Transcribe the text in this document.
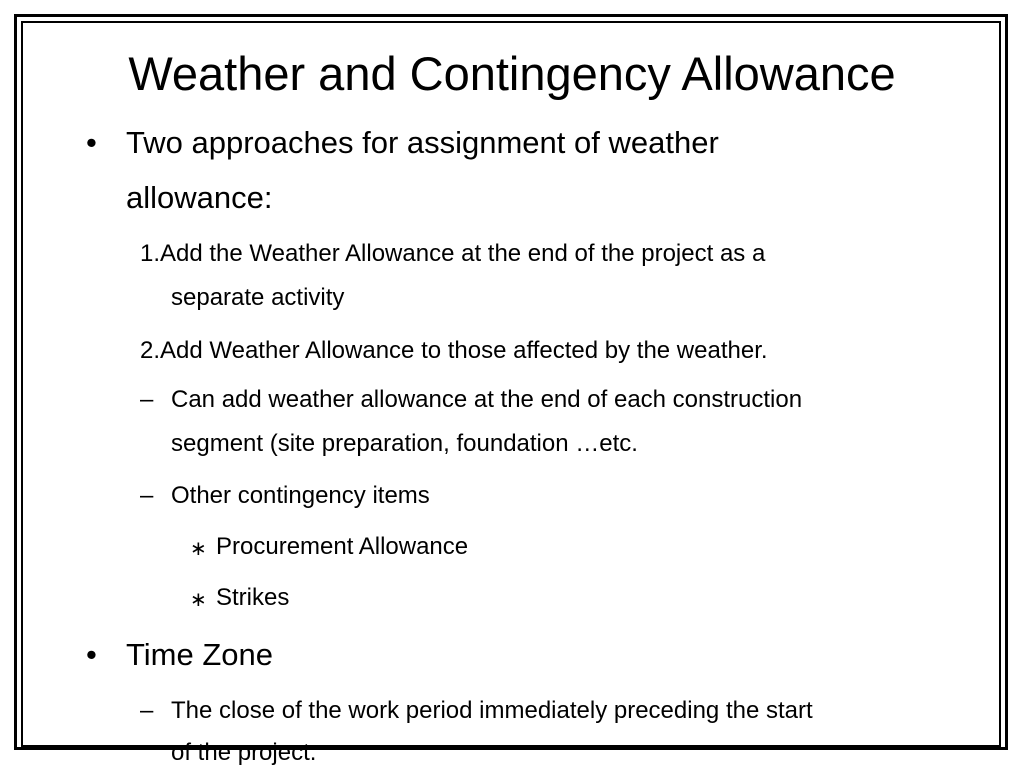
Weather and Contingency Allowance
• Two approaches for assignment of weather
allowance:
1.Add the Weather Allowance at the end of the project as a
separate activity
2.Add Weather Allowance to those affected by the weather.
– Can add weather allowance at the end of each construction
segment (site preparation, foundation …etc.
– Other contingency items
∗ Procurement Allowance
∗ Strikes
• Time Zone
– The close of the work period immediately preceding the start
of the project.
